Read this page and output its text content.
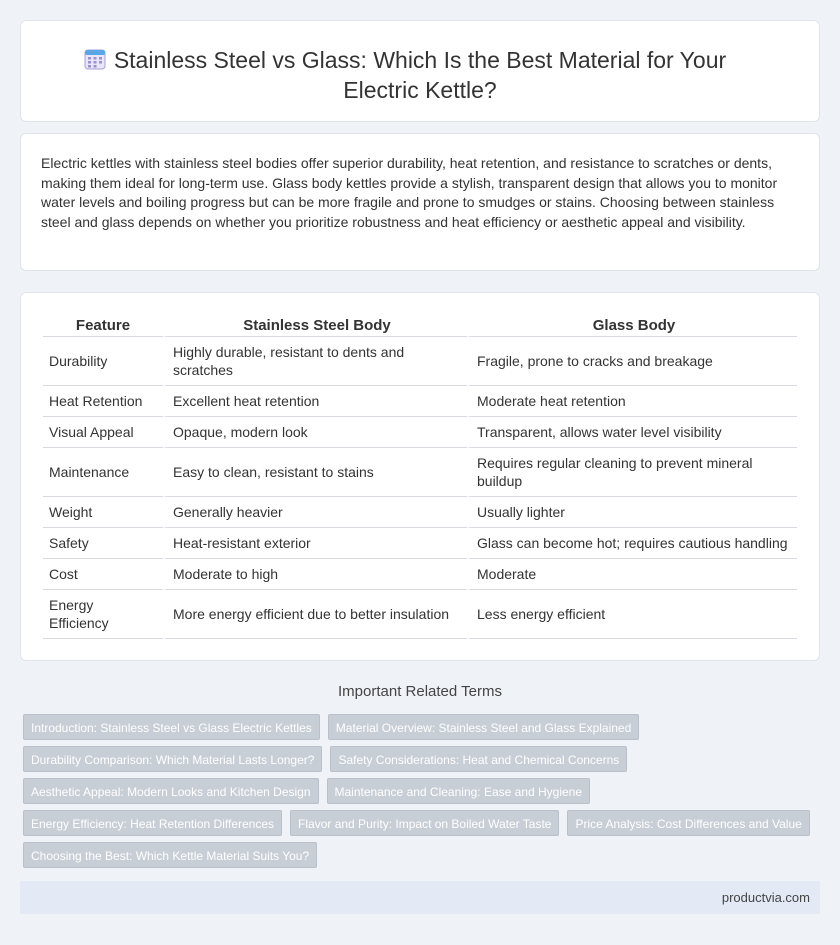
Stainless Steel vs Glass: Which Is the Best Material for Your Electric Kettle?

Electric kettles with stainless steel bodies offer superior durability, heat retention, and resistance to scratches or dents, making them ideal for long-term use. Glass body kettles provide a stylish, transparent design that allows you to monitor water levels and boiling progress but can be more fragile and prone to smudges or stains. Choosing between stainless steel and glass depends on whether you prioritize robustness and heat efficiency or aesthetic appeal and visibility.

Feature	Stainless Steel Body	Glass Body
Durability	Highly durable, resistant to dents and scratches	Fragile, prone to cracks and breakage
Heat Retention	Excellent heat retention	Moderate heat retention
Visual Appeal	Opaque, modern look	Transparent, allows water level visibility
Maintenance	Easy to clean, resistant to stains	Requires regular cleaning to prevent mineral buildup
Weight	Generally heavier	Usually lighter
Safety	Heat-resistant exterior	Glass can become hot; requires cautious handling
Cost	Moderate to high	Moderate
Energy Efficiency	More energy efficient due to better insulation	Less energy efficient
Important Related Terms
Introduction: Stainless Steel vs Glass Electric Kettles	Material Overview: Stainless Steel and Glass Explained
Durability Comparison: Which Material Lasts Longer?	Safety Considerations: Heat and Chemical Concerns
Aesthetic Appeal: Modern Looks and Kitchen Design	Maintenance and Cleaning: Ease and Hygiene
Energy Efficiency: Heat Retention Differences	Flavor and Purity: Impact on Boiled Water Taste	Price Analysis: Cost Differences and Value
Choosing the Best: Which Kettle Material Suits You?
productvia.com
